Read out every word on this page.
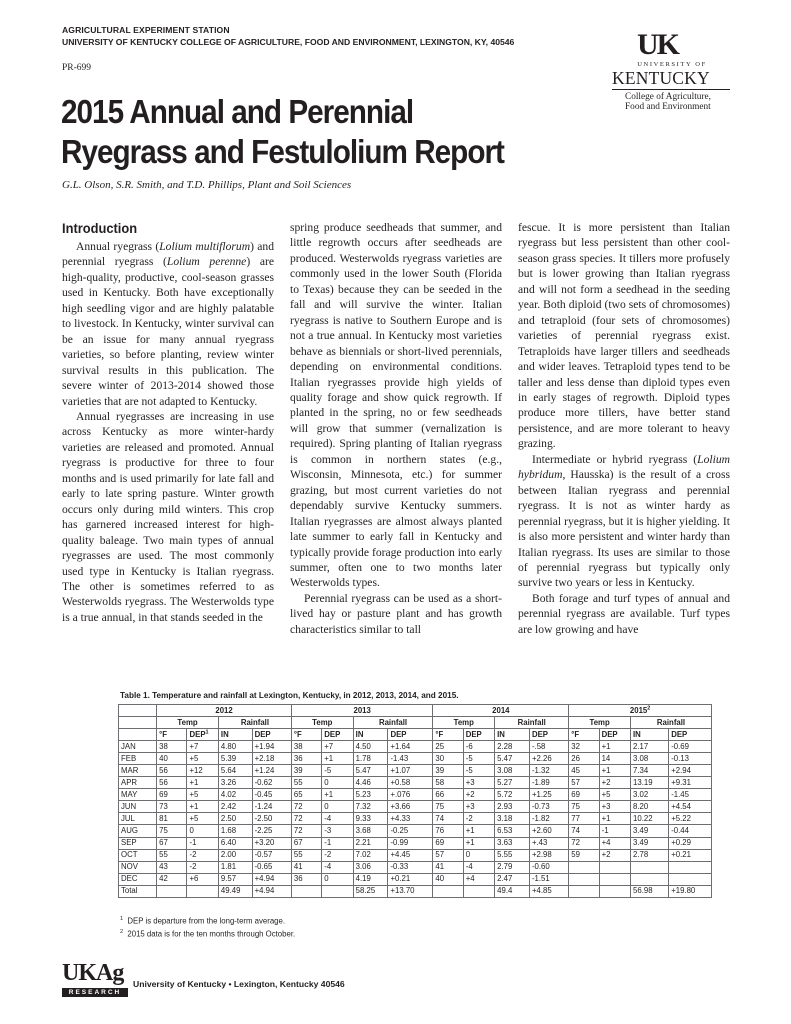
AGRICULTURAL EXPERIMENT STATION
UNIVERSITY OF KENTUCKY COLLEGE OF AGRICULTURE, FOOD AND ENVIRONMENT, LEXINGTON, KY, 40546
PR-699
UK
UNIVERSITY OF
KENTUCKY
College of Agriculture,
Food and Environment
2015 Annual and Perennial
Ryegrass and Festulolium Report
G.L. Olson, S.R. Smith, and T.D. Phillips, Plant and Soil Sciences
Introduction

Annual ryegrass (Lolium multiflorum) and perennial ryegrass (Lolium perenne) are high-quality, productive, cool-season grasses used in Kentucky. Both have exceptionally high seedling vigor and are highly palatable to livestock. In Kentucky, winter survival can be an issue for many annual ryegrass varieties, so before planting, review winter survival results in this publication. The severe winter of 2013-2014 showed those varieties that are not adapted to Kentucky.

Annual ryegrasses are increasing in use across Kentucky as more winter-hardy varieties are released and promoted. Annual ryegrass is productive for three to four months and is used primarily for late fall and early to late spring pasture. Winter growth occurs only during mild winters. This crop has garnered increased interest for high-quality baleage. Two main types of annual ryegrasses are used. The most commonly used type in Kentucky is Italian ryegrass. The other is sometimes referred to as Westerwolds ryegrass. The Westerwolds type is a true annual, in that stands seeded in the

spring produce seedheads that summer, and little regrowth occurs after seedheads are produced. Westerwolds ryegrass varieties are commonly used in the lower South (Florida to Texas) because they can be seeded in the fall and will survive the winter. Italian ryegrass is native to Southern Europe and is not a true annual. In Kentucky most varieties behave as biennials or short-lived perennials, depending on environmental conditions. Italian ryegrasses provide high yields of quality forage and show quick regrowth. If planted in the spring, no or few seedheads will grow that summer (vernalization is required). Spring planting of Italian ryegrass is common in northern states (e.g., Wisconsin, Minnesota, etc.) for summer grazing, but most current varieties do not dependably survive Kentucky summers. Italian ryegrasses are almost always planted late summer to early fall in Kentucky and typically provide forage production into early summer, often one to two months later Westerwolds types.

Perennial ryegrass can be used as a short-lived hay or pasture plant and has growth characteristics similar to tall

fescue. It is more persistent than Italian ryegrass but less persistent than other cool-season grass species. It tillers more profusely but is lower growing than Italian ryegrass and will not form a seedhead in the seeding year. Both diploid (two sets of chromosomes) and tetraploid (four sets of chromosomes) varieties of perennial ryegrass exist. Tetraploids have larger tillers and seedheads and wider leaves. Tetraploid types tend to be taller and less dense than diploid types even in early stages of regrowth. Diploid types produce more tillers, have better stand persistence, and are more tolerant to heavy grazing.

Intermediate or hybrid ryegrass (Lolium hybridum, Hausska) is the result of a cross between Italian ryegrass and perennial ryegrass. It is not as winter hardy as perennial ryegrass, but it is higher yielding. It is also more persistent and winter hardy than Italian ryegrass. Its uses are similar to those of perennial ryegrass but typically only survive two years or less in Kentucky.

Both forage and turf types of annual and perennial ryegrass are available. Turf types are low growing and have

Table 1. Temperature and rainfall at Lexington, Kentucky, in 2012, 2013, 2014, and 2015.
	2012				2013				2014				2015$^2$
	Temp		Rainfall		Temp		Rainfall		Temp		Rainfall		Temp		Rainfall	
	°F	DEP$^1$	IN	DEP	°F	DEP	IN	DEP	°F	DEP	IN	DEP	°F	DEP	IN	DEP
JAN	38	+7	4.80	+1.94	38	+7	4.50	+1.64	25	-6	2.28	-.58	32	+1	2.17	-0.69
FEB	40	+5	5.39	+2.18	36	+1	1.78	-1.43	30	-5	5.47	+2.26	26	14	3.08	-0.13
MAR	56	+12	5.64	+1.24	39	-5	5.47	+1.07	39	-5	3.08	-1.32	45	+1	7.34	+2.94
APR	56	+1	3.26	-0.62	55	0	4.46	+0.58	58	+3	5.27	-1.89	57	+2	13.19	+9.31
MAY	69	+5	4.02	-0.45	65	+1	5.23	+.076	66	+2	5.72	+1.25	69	+5	3.02	-1.45
JUN	73	+1	2.42	-1.24	72	0	7.32	+3.66	75	+3	2.93	-0.73	75	+3	8.20	+4.54
JUL	81	+5	2.50	-2.50	72	-4	9.33	+4.33	74	-2	3.18	-1.82	77	+1	10.22	+5.22
AUG	75	0	1.68	-2.25	72	-3	3.68	-0.25	76	+1	6.53	+2.60	74	-1	3.49	-0.44
SEP	67	-1	6.40	+3.20	67	-1	2.21	-0.99	69	+1	3.63	+.43	72	+4	3.49	+0.29
OCT	55	-2	2.00	-0.57	55	-2	7.02	+4.45	57	0	5.55	+2.98	59	+2	2.78	+0.21
NOV	43	-2	1.81	-0.65	41	-4	3.06	-0.33	41	-4	2.79	-0.60				
DEC	42	+6	9.57	+4.94	36	0	4.19	+0.21	40	+4	2.47	-1.51				
Total			49.49	+4.94			58.25	+13.70			49.4	+4.85			56.98	+19.80
$^1$ DEP is departure from the long-term average.
$^2$ 2015 data is for the ten months through October.
UKAg
RESEARCH
University of Kentucky • Lexington, Kentucky 40546
